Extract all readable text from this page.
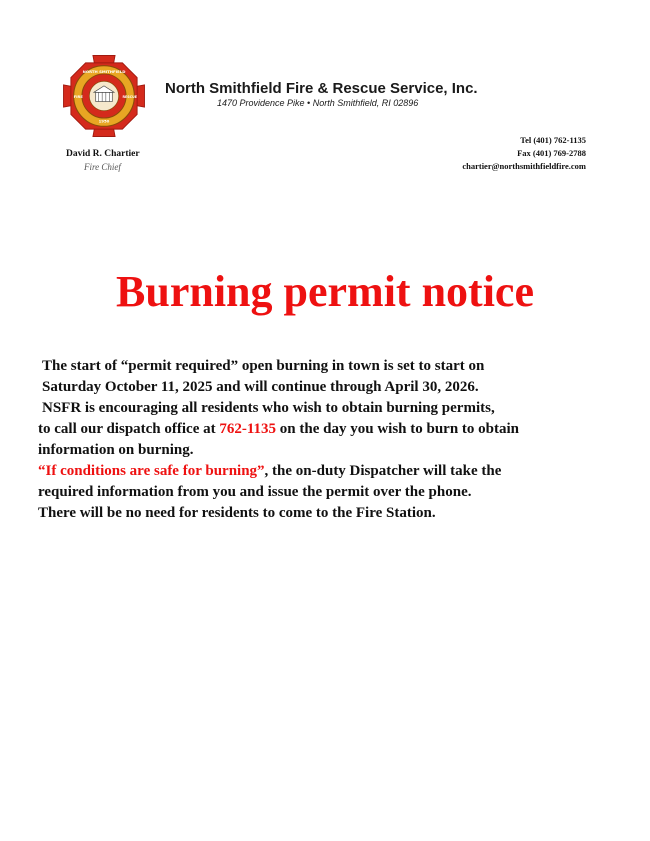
NORTH SMITHFIELD
1950
FIRE	RESCUE North Smithfield Fire & Rescue Service, Inc.
1470 Providence Pike • North Smithfield, RI 02896
David R. Chartier
Fire Chief
Tel (401) 762-1135
Fax (401) 769-2788
chartier@northsmithfieldfire.com
Burning permit notice
The start of “permit required” open burning in town is set to start on
Saturday October 11, 2025 and will continue through April 30, 2026.
NSFR is encouraging all residents who wish to obtain burning permits,
to call our dispatch office at 762-1135 on the day you wish to burn to obtain
information on burning.
“If conditions are safe for burning”, the on-duty Dispatcher will take the
required information from you and issue the permit over the phone.
There will be no need for residents to come to the Fire Station.
